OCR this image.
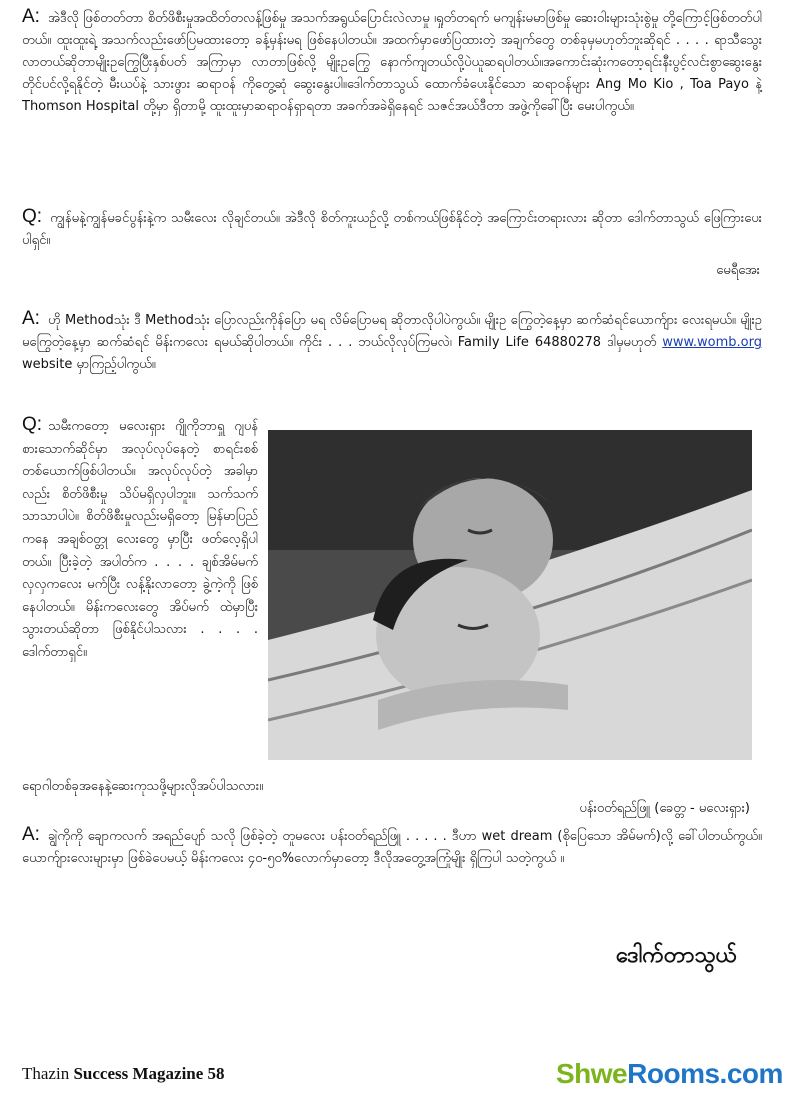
A: အဲဒီလို ဖြစ်တတ်တာ စိတ်ဖိစီးမှုအထိတ်တလန့်ဖြစ်မှု အသက်အရွယ်ပြောင်းလဲလာမှု ၊ရှုတ်တရက် မကျန်းမမာဖြစ်မှု ဆေးဝါးများသုံးစွဲမှု တို့ကြောင့်ဖြစ်တတ်ပါတယ်။ ထူးထူးရဲ့ အသက်လည်းဖော်ပြမထားတော့ ခန့်မှန်းမရ ဖြစ်နေပါတယ်။ အထက်မှာဖော်ပြထားတဲ့ အချက်တွေ တစ်ခုမှမဟုတ်ဘူးဆိုရင် . . . . ရာသီသွေးလာတယ်ဆိုတာမျိုးဥကြွေပြီးနှစ်ပတ် အကြာမှာ လာတာဖြစ်လို့ မျိုးဥကြွေ နောက်ကျတယ်လို့ပဲယူဆရပါတယ်။အကောင်းဆုံးကတော့ရင်းနီးပွင့်လင်းစွာဆွေးနွေးတိုင်ပင်လို့ရနိုင်တဲ့ မီးယပ်နဲ့ သားဖွား ဆရာဝန် ကိုတွေ့ဆုံ ဆွေးနွေးပါ။ဒေါက်တာသွယ် ထောက်ခံပေးနိုင်သော ဆရာဝန်များ Ang Mo Kio , Toa Payo နဲ့ Thomson Hospital တို့မှာ ရှိတာမို့ ထူးထူးမှာဆရာဝန်ရှာရတာ အခက်အခဲရှိနေရင် သဇင်အယ်ဒီတာ အဖွဲ့ကိုခေါ်ပြီး မေးပါကွယ်။
Q: ကျွန်မနဲ့ကျွန်မခင်ပွန်းနဲ့က သမီးလေး လိုချင်တယ်။ အဲဒီလို စိတ်ကူးယဉ်လို့ တစ်ကယ်ဖြစ်နိုင်တဲ့ အကြောင်းတရားလား ဆိုတာ ဒေါက်တာသွယ် ဖြေကြားပေးပါရှင်။
မေရီအေး
A: ဟို Methodသုံး ဒီ Methodသုံး ပြောလည်းကိုန်ပြော မရ လိမ်ပြောမရ ဆိုတာလိုပါပဲကွယ်။ မျိုးဥ ကြွေတဲ့နေ့မှာ ဆက်ဆံရင်ယောက်ျား လေးရမယ်။ မျိုးဥ မကြွေတဲ့နေ့မှာ ဆက်ဆံရင် မိန်းကလေး ရမယ်ဆိုပါတယ်။ ကိုင်း . . . ဘယ်လိုလုပ်ကြမလဲ၊ Family Life 64880278 ဒါမှမဟုတ် www.womb.org website မှာကြည့်ပါကွယ်။
Q: သမီးကတော့ မလေးရှား ဂျိုကိုဘာရှူ ဂျပန်စားသောက်ဆိုင်မှာ အလုပ်လုပ်နေတဲ့ စာရင်းစစ် တစ်ယောက်ဖြစ်ပါတယ်။ အလုပ်လုပ်တဲ့ အခါမှာလည်း စိတ်ဖိစီးမှု သိပ်မရှိလှပါဘူး။ သက်သက် သာသာပါပဲ။ စိတ်ဖိစီးမှုလည်းမရှိတော့ မြန်မာပြည်ကနေ အချစ်ဝတ္တု လေးတွေ မှာပြီး ဖတ်လေ့ရှိပါတယ်။ ပြီးခဲ့တဲ့ အပါတ်က . . . . ချစ်အိမ်မက် လှလှကလေး မက်ပြီး လန့်နိုးလာတော့ ခွဲ့ကဲ့ကို ဖြစ်နေပါတယ်။ မိန်းကလေးတွေ အိပ်မက် ထဲမှာပြီးသွားတယ်ဆိုတာ ဖြစ်နိုင်ပါသလား . . . . ဒေါက်တာရှင်။
ရောဂါတစ်ခုအနေနဲ့ဆေးကုသဖို့များလိုအပ်ပါသလား။
ပန်းဝတ်ရည်ဖြူ (ခေတ္တ - မလေးရှား)
A: ချွဲကိုကို ချောကလက် အရည်ပျော် သလို ဖြစ်ခဲ့တဲ့ တူမလေး ပန်းဝတ်ရည်ဖြူ . . . . . ဒီဟာ wet dream (စိုပြေသော အိမ်မက်)လို့ ခေါ်ပါတယ်ကွယ်။ ယောက်ျားလေးများမှာ ဖြစ်ခဲပေမယ့် မိန်းကလေး ၄၀-၅၀%လောက်မှာတော့ ဒီလိုအတွေ့အကြုံမျိုး ရှိကြပါ သတဲ့ကွယ် ။
ဒေါက်တာသွယ်
Thazin Success Magazine 58	ShweRooms.com
